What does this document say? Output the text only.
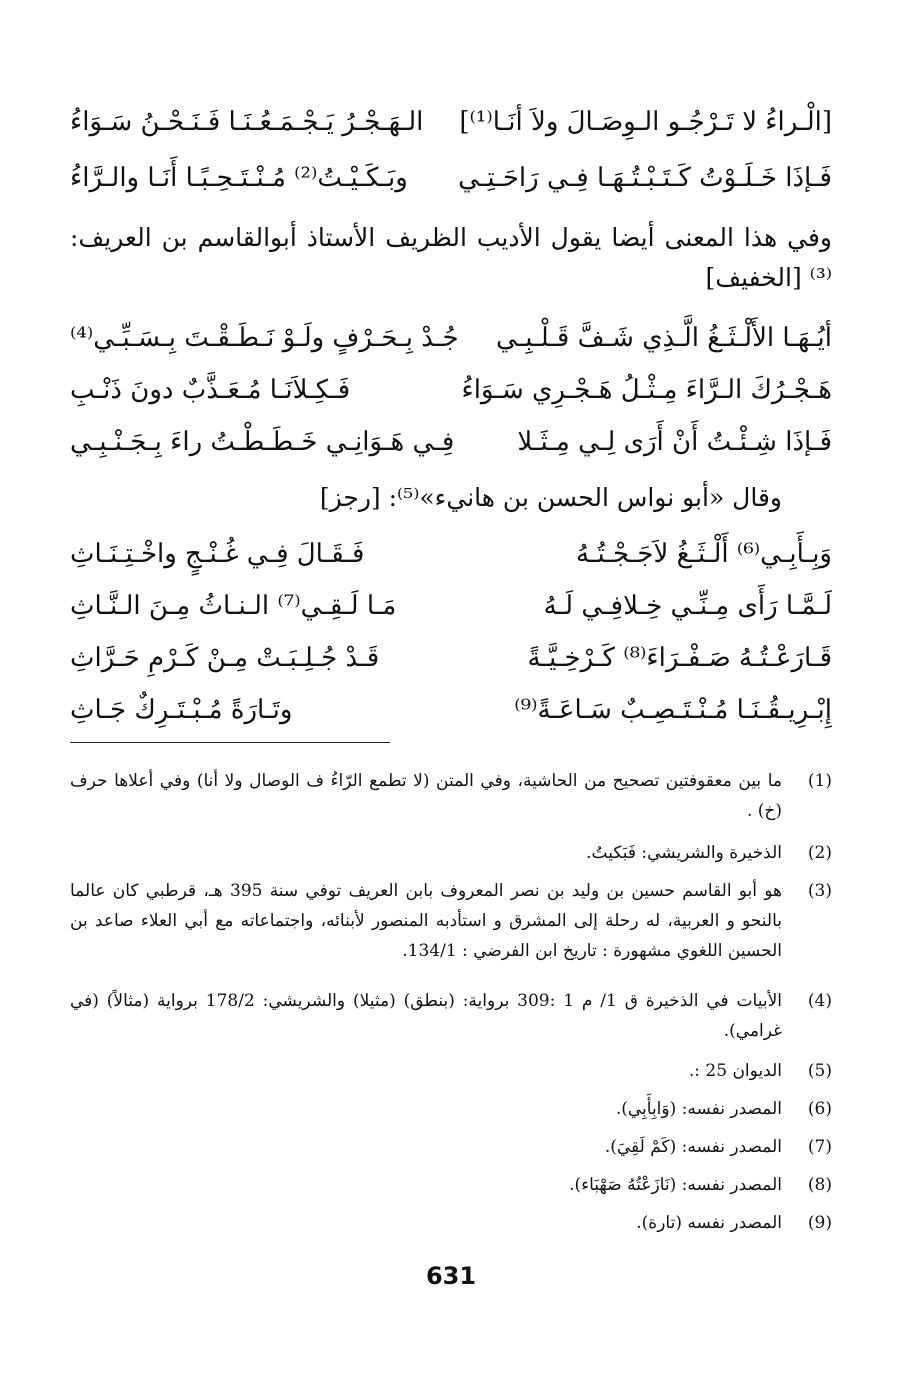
[الْـراءُ لا تَـرْجُـو الـوِصَـالَ ولاَ أنَـا⁽¹⁾]
الـهَـجْـرُ يَـجْـمَـعُـنَـا فَـنَـحْـنُ سَـوَاءُ
فَـإذَا خَـلَـوْتُ كَـتَـبْـتُـهَـا فِـي رَاحَـتِـي
وبَـكَـيْـتُ⁽²⁾ مُـنْـتَـحِـبًـا أَنَـا والـرَّاءُ
وفي هذا المعنى أيضا يقول الأديب الظريف الأستاذ أبوالقاسم بن العريف: ⁽³⁾ [الخفيف]
أيُـهَـا الأَلْـثَـغُ الَّـذِي شَـفَّ قَـلْـبِـي
جُـدْ بِـحَـرْفٍ ولَـوْ نَـطَـقْـتَ بِـسَـبِّـي⁽⁴⁾
هَـجْـرُكَ الـرَّاءَ مِـثْـلُ هَـجْـرِي سَـوَاءُ
فَـكِـلاَنَـا مُـعَـذَّبٌ دونَ ذَنْـبِ
فَـإذَا شِـئْـتُ أَنْ أَرَى لِـي مِـثَـلا
فِـي هَـوَانِـي خَـطَـطْـتُ راءَ بِـجَـنْـبِـي
وقال «أبو نواس الحسن بن هانيء»⁽⁵⁾: [رجز]
وَبِـأَبِـي⁽⁶⁾ أَلْـثَـغُ لاَجَـجْـتُـهُ
فَـقَـالَ فِـي غُـنْـجٍ واخْـتِـنَـاثِ
لَـمَّـا رَأَى مِـنِّـي خِـلافِـي لَـهُ
مَـا لَـقِـي⁽⁷⁾ الـنـاثُ مِـنَ الـنَّـاثِ
قَـارَعْـتُـهُ صَـفْـرَاءَ⁽⁸⁾ كَـرْخِـيَّـةً
قَـدْ جُـلِـبَـتْ مِـنْ كَـرْمِ حَـرَّاثِ
إِبْـرِيـقُـنَـا مُـنْـتَـصِـبٌ سَـاعَـةً⁽⁹⁾
وتَـارَةً مُـبْـتَـرِكٌ جَـاثِ
(1)
ما بين معقوفتين تصحيح من الحاشية، وفي المتن (لا تطمع الرّاءُ ف الوصال ولا أنا) وفي أعلاها حرف (خ) .
(2)
الذخيرة والشريشي: فَبَكيتُ.
(3)
هو أبو القاسم حسين بن وليد بن نصر المعروف بابن العريف توفي سنة 395 هـ، قرطبي كان عالما بالنحو و العربية، له رحلة إلى المشرق و استأدبه المنصور لأبنائه، واجتماعاته مع أبي العلاء صاعد بن الحسين اللغوي مشهورة : تاريخ ابن الفرضي : 134/1.
(4)
الأبيات في الذخيرة ق 1/ م 1 :309 برواية: (بنطق) (مثيلا) والشريشي: 178/2 برواية (مثالاً) (في غرامي).
(5)
الديوان 25 :.
(6)
المصدر نفسه: (وَابِأَبِي).
(7)
المصدر نفسه: (كَمْ لَقِيَ).
(8)
المصدر نفسه: (نَازَعْتُهُ صَهْبَاء).
(9)
المصدر نفسه (تارة).
631
